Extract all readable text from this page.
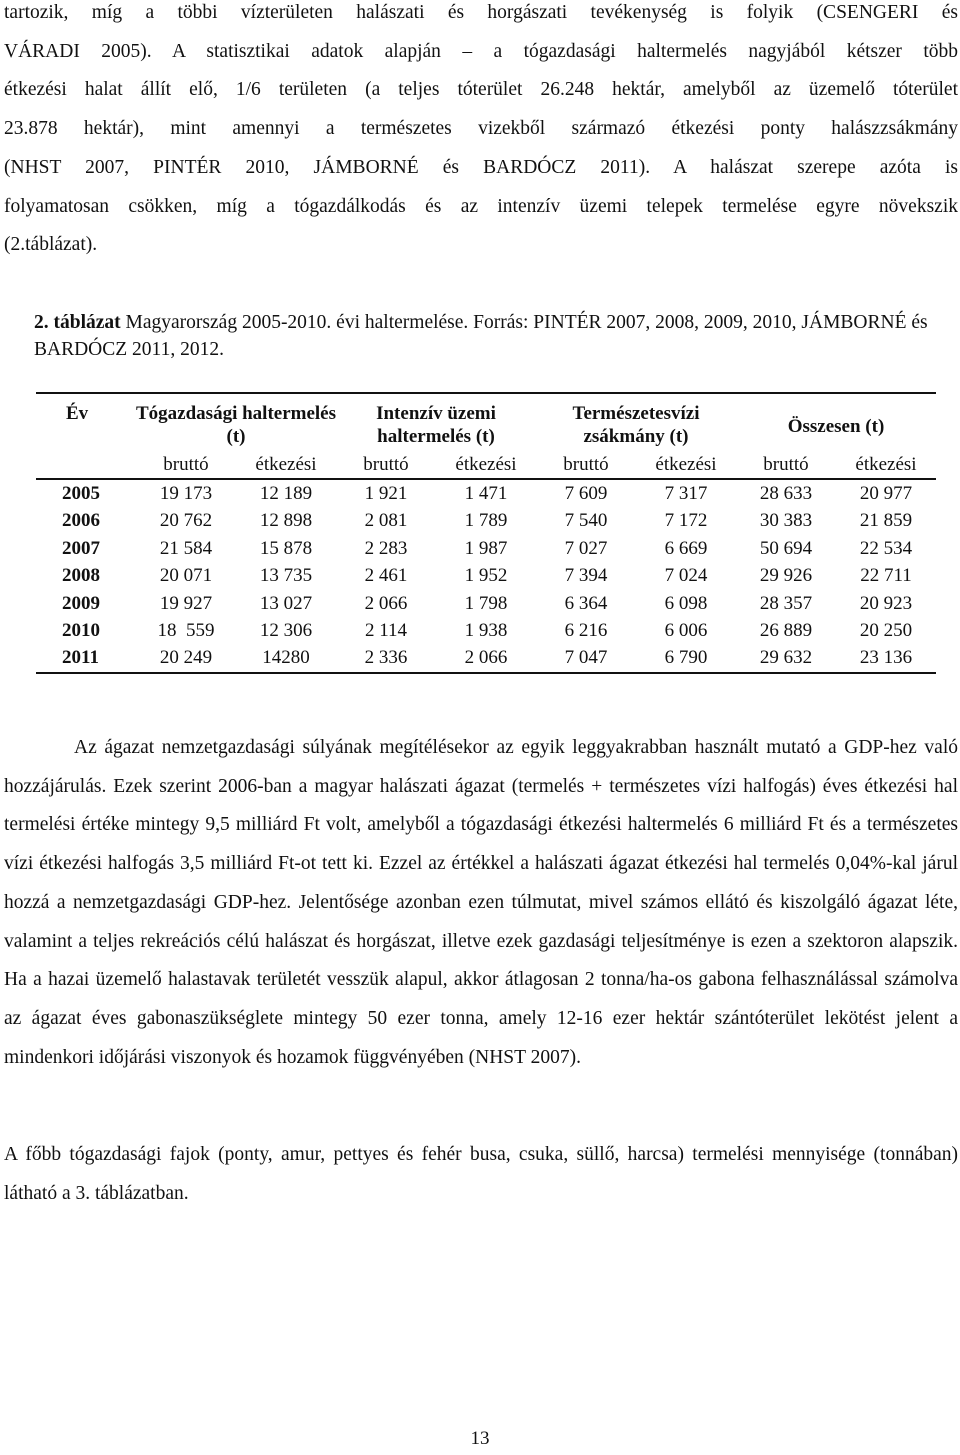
tartozik, míg a többi vízterületen halászati és horgászati tevékenység is folyik (CSENGERI és
VÁRADI 2005). A statisztikai adatok alapján – a tógazdasági haltermelés nagyjából kétszer több
étkezési halat állít elő, 1/6 területen (a teljes tóterület 26.248 hektár, amelyből az üzemelő tóterület
23.878 hektár), mint amennyi a természetes vizekből származó étkezési ponty halászzsákmány
(NHST 2007, PINTÉR 2010, JÁMBORNÉ és BARDÓCZ 2011). A halászat szerepe azóta is
folyamatosan csökken, míg a tógazdálkodás és az intenzív üzemi telepek termelése egyre növekszik
(2.táblázat).

2. táblázat Magyarország 2005-2010. évi haltermelése. Forrás: PINTÉR 2007, 2008, 2009, 2010, JÁMBORNÉ és BARDÓCZ 2011, 2012.

Év	Tógazdasági haltermelés (t)		Intenzív üzemi haltermelés (t)		Természetesvízi zsákmány (t)		Összesen (t)	
	bruttó	étkezési	bruttó	étkezési	bruttó	étkezési	bruttó	étkezési
2005	19 173	12 189	1 921	1 471	7 609	7 317	28 633	20 977
2006	20 762	12 898	2 081	1 789	7 540	7 172	30 383	21 859
2007	21 584	15 878	2 283	1 987	7 027	6 669	50 694	22 534
2008	20 071	13 735	2 461	1 952	7 394	7 024	29 926	22 711
2009	19 927	13 027	2 066	1 798	6 364	6 098	28 357	20 923
2010	18  559	12 306	2 114	1 938	6 216	6 006	26 889	20 250
2011	20 249	14280	2 336	2 066	7 047	6 790	29 632	23 136

Az ágazat nemzetgazdasági súlyának megítélésekor az egyik leggyakrabban használt mutató a GDP-hez való hozzájárulás. Ezek szerint 2006-ban a magyar halászati ágazat (termelés + természetes vízi halfogás) éves étkezési hal termelési értéke mintegy 9,5 milliárd Ft volt, amelyből a tógazdasági étkezési haltermelés 6 milliárd Ft és a természetes vízi étkezési halfogás 3,5 milliárd Ft-ot tett ki. Ezzel az értékkel a halászati ágazat étkezési hal termelés 0,04%-kal járul hozzá a nemzetgazdasági GDP-hez. Jelentősége azonban ezen túlmutat, mivel számos ellátó és kiszolgáló ágazat léte, valamint a teljes rekreációs célú halászat és horgászat, illetve ezek gazdasági teljesítménye is ezen a szektoron alapszik. Ha a hazai üzemelő halastavak területét vesszük alapul, akkor átlagosan 2 tonna/ha-os gabona felhasználással számolva az ágazat éves gabonaszükséglete mintegy 50 ezer tonna, amely 12-16 ezer hektár szántóterület lekötést jelent a mindenkori időjárási viszonyok és hozamok függvényében (NHST 2007).

A főbb tógazdasági fajok (ponty, amur, pettyes és fehér busa, csuka, süllő, harcsa) termelési mennyisége (tonnában) látható a 3. táblázatban.

13
